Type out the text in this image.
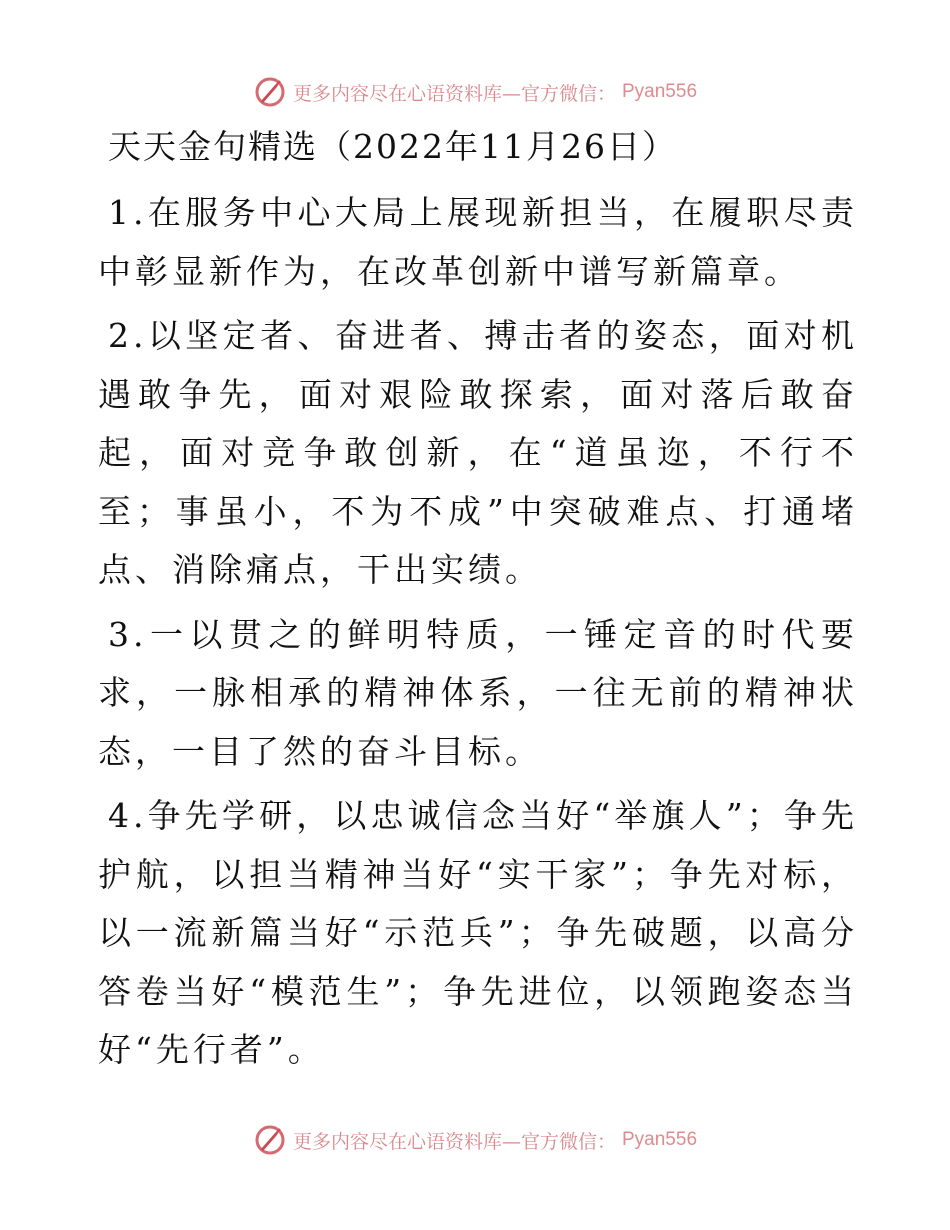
更多内容尽在心语资料库—官方微信： Pyan556
天天金句精选（2022年11月26日）

1.在服务中心大局上展现新担当，在履职尽责中彰显新作为，在改革创新中谱写新篇章。

2.以坚定者、奋进者、搏击者的姿态，面对机遇敢争先，面对艰险敢探索，面对落后敢奋起，面对竞争敢创新，在“道虽迩，不行不至；事虽小，不为不成”中突破难点、打通堵点、消除痛点，干出实绩。

3.一以贯之的鲜明特质，一锤定音的时代要求，一脉相承的精神体系，一往无前的精神状态，一目了然的奋斗目标。

4.争先学研，以忠诚信念当好“举旗人”；争先护航，以担当精神当好“实干家”；争先对标，以一流新篇当好“示范兵”；争先破题，以高分答卷当好“模范生”；争先进位，以领跑姿态当好“先行者”。

更多内容尽在心语资料库—官方微信： Pyan556
